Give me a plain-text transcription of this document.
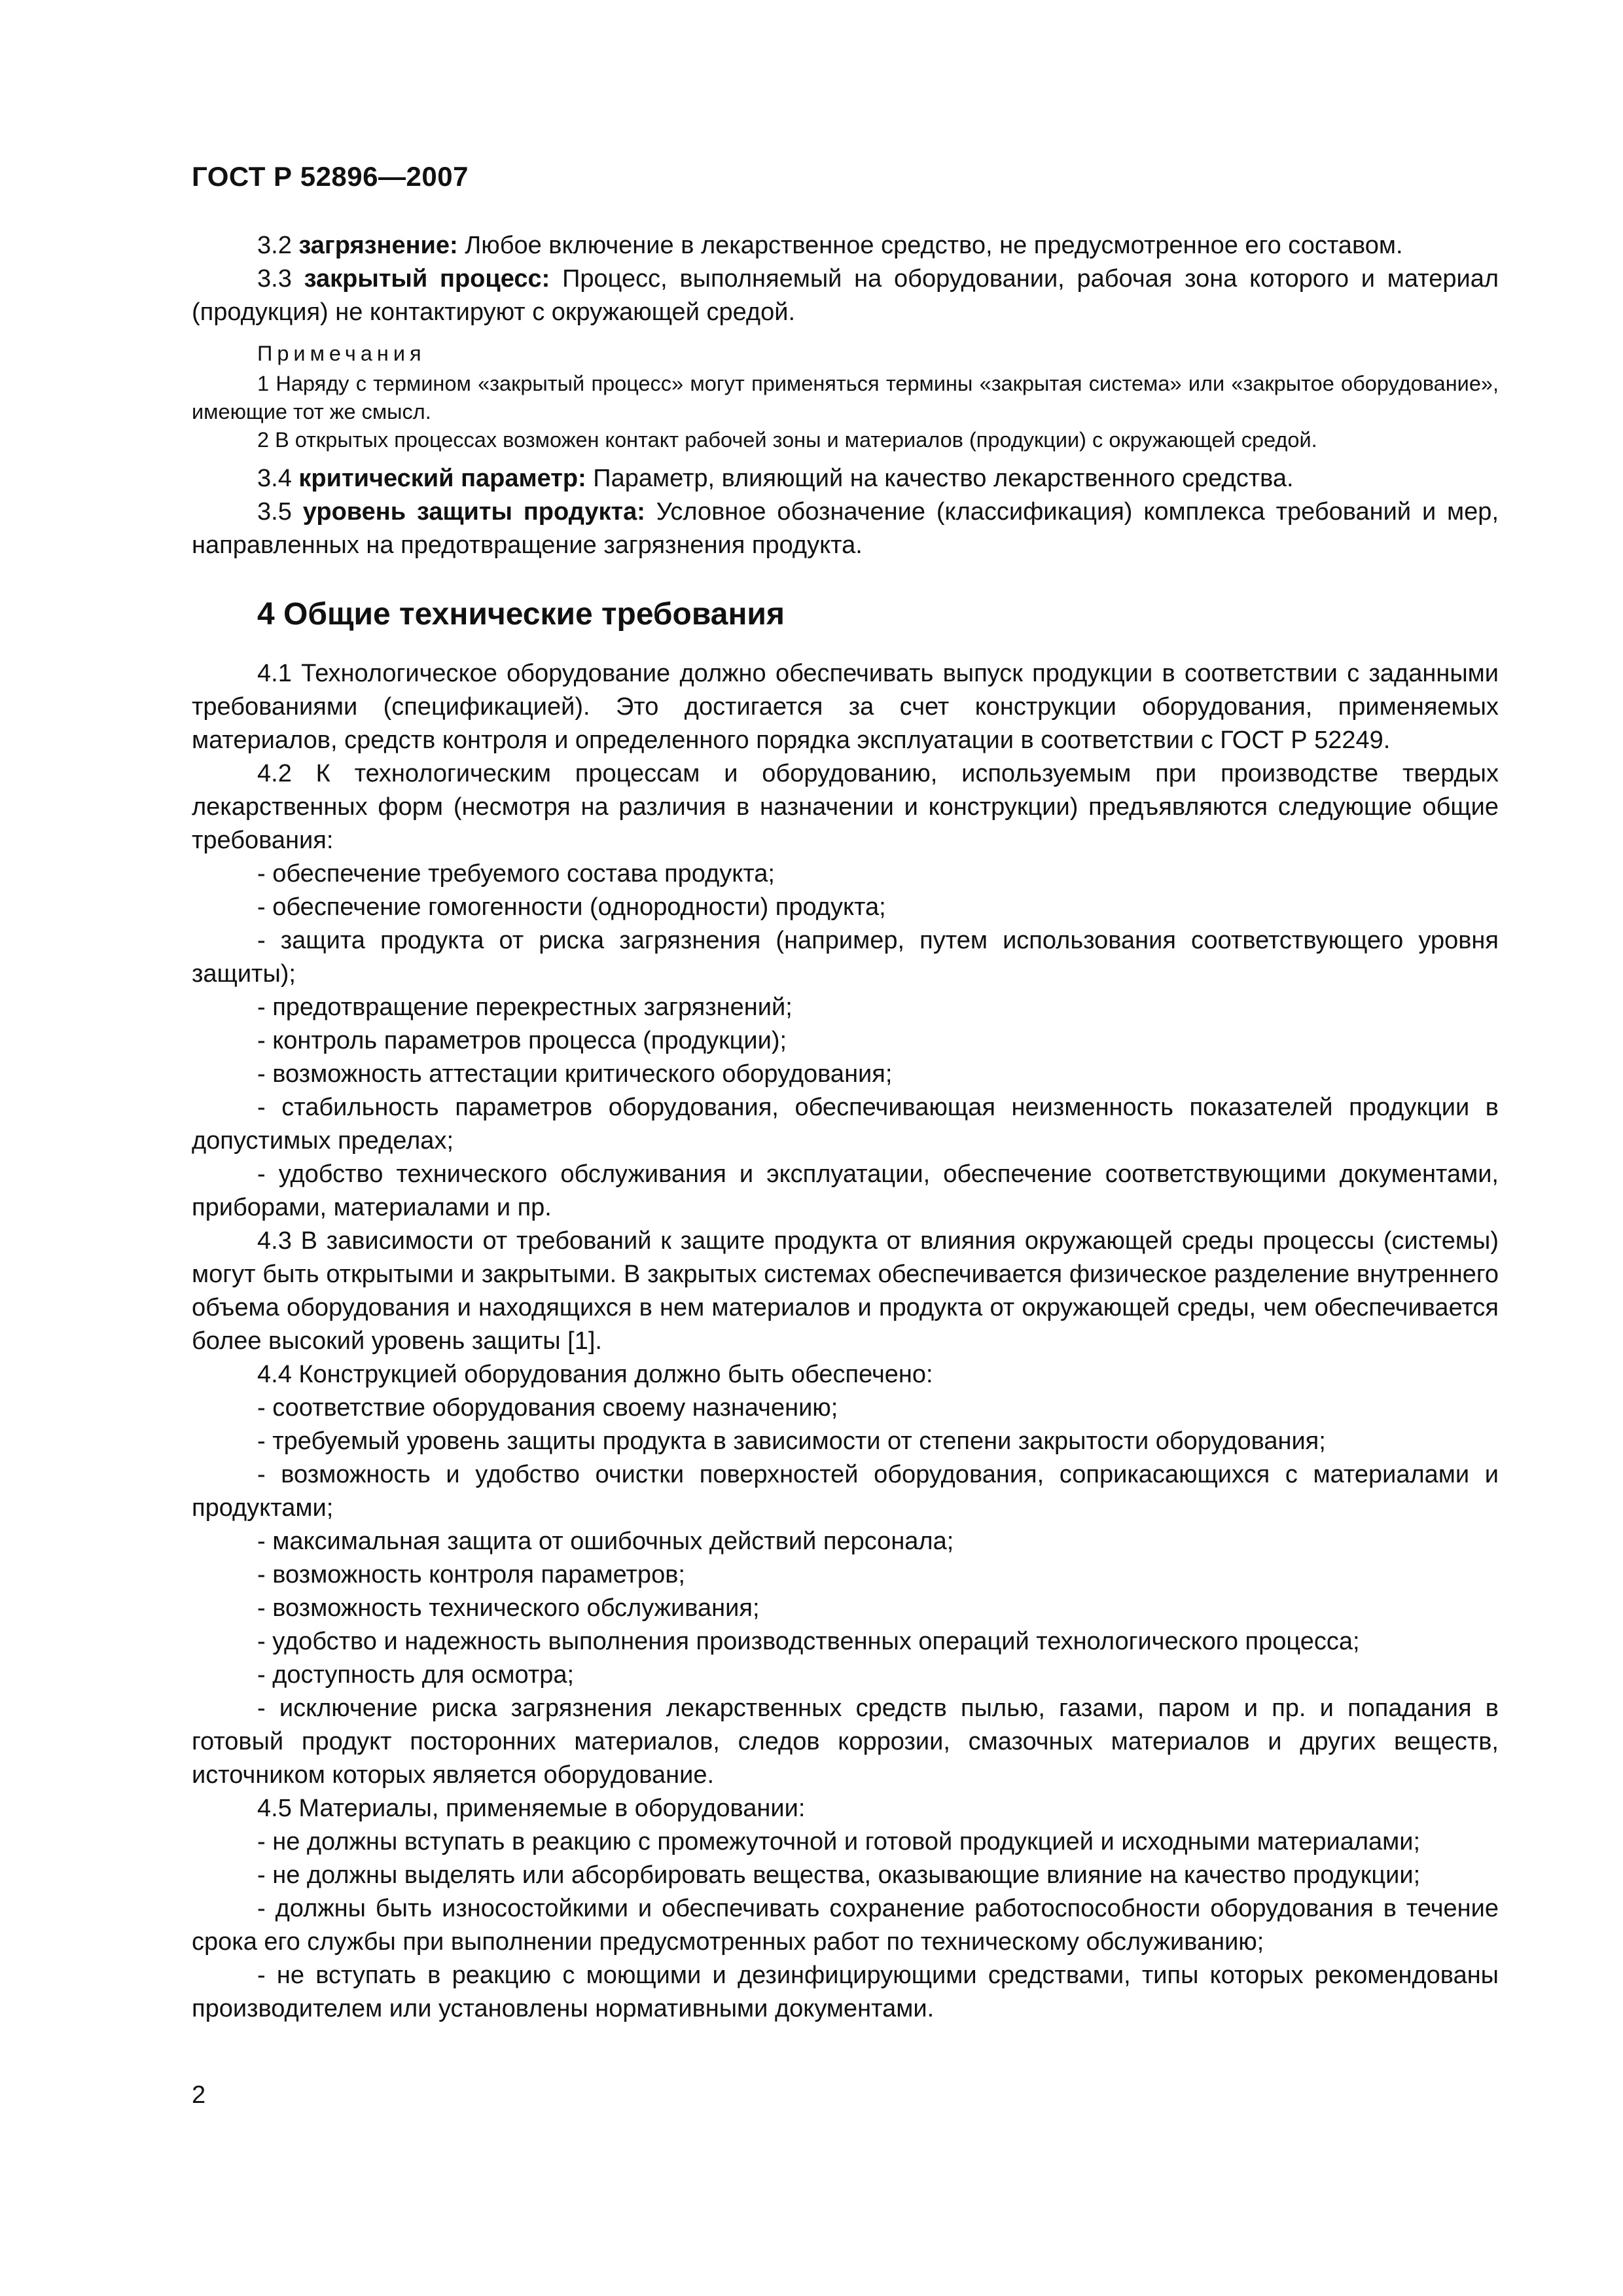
ГОСТ Р 52896—2007

3.2 загрязнение: Любое включение в лекарственное средство, не предусмотренное его составом.

3.3 закрытый процесс: Процесс, выполняемый на оборудовании, рабочая зона которого и материал (продукция) не контактируют с окружающей средой.

Примечания

1 Наряду с термином «закрытый процесс» могут применяться термины «закрытая система» или «закрытое оборудование», имеющие тот же смысл.

2 В открытых процессах возможен контакт рабочей зоны и материалов (продукции) с окружающей средой.

3.4 критический параметр: Параметр, влияющий на качество лекарственного средства.

3.5 уровень защиты продукта: Условное обозначение (классификация) комплекса требований и мер, направленных на предотвращение загрязнения продукта.

4 Общие технические требования

4.1 Технологическое оборудование должно обеспечивать выпуск продукции в соответствии с заданными требованиями (спецификацией). Это достигается за счет конструкции оборудования, применяемых материалов, средств контроля и определенного порядка эксплуатации в соответствии с ГОСТ Р 52249.

4.2 К технологическим процессам и оборудованию, используемым при производстве твердых лекарственных форм (несмотря на различия в назначении и конструкции) предъявляются следующие общие требования:

- обеспечение требуемого состава продукта;

- обеспечение гомогенности (однородности) продукта;

- защита продукта от риска загрязнения (например, путем использования соответствующего уровня защиты);

- предотвращение перекрестных загрязнений;

- контроль параметров процесса (продукции);

- возможность аттестации критического оборудования;

- стабильность параметров оборудования, обеспечивающая неизменность показателей продукции в допустимых пределах;

- удобство технического обслуживания и эксплуатации, обеспечение соответствующими документами, приборами, материалами и пр.

4.3 В зависимости от требований к защите продукта от влияния окружающей среды процессы (системы) могут быть открытыми и закрытыми. В закрытых системах обеспечивается физическое разделение внутреннего объема оборудования и находящихся в нем материалов и продукта от окружающей среды, чем обеспечивается более высокий уровень защиты [1].

4.4 Конструкцией оборудования должно быть обеспечено:

- соответствие оборудования своему назначению;

- требуемый уровень защиты продукта в зависимости от степени закрытости оборудования;

- возможность и удобство очистки поверхностей оборудования, соприкасающихся с материалами и продуктами;

- максимальная защита от ошибочных действий персонала;

- возможность контроля параметров;

- возможность технического обслуживания;

- удобство и надежность выполнения производственных операций технологического процесса;

- доступность для осмотра;

- исключение риска загрязнения лекарственных средств пылью, газами, паром и пр. и попадания в готовый продукт посторонних материалов, следов коррозии, смазочных материалов и других веществ, источником которых является оборудование.

4.5 Материалы, применяемые в оборудовании:

- не должны вступать в реакцию с промежуточной и готовой продукцией и исходными материалами;

- не должны выделять или абсорбировать вещества, оказывающие влияние на качество продукции;

- должны быть износостойкими и обеспечивать сохранение работоспособности оборудования в течение срока его службы при выполнении предусмотренных работ по техническому обслуживанию;

- не вступать в реакцию с моющими и дезинфицирующими средствами, типы которых рекомендованы производителем или установлены нормативными документами.

2
